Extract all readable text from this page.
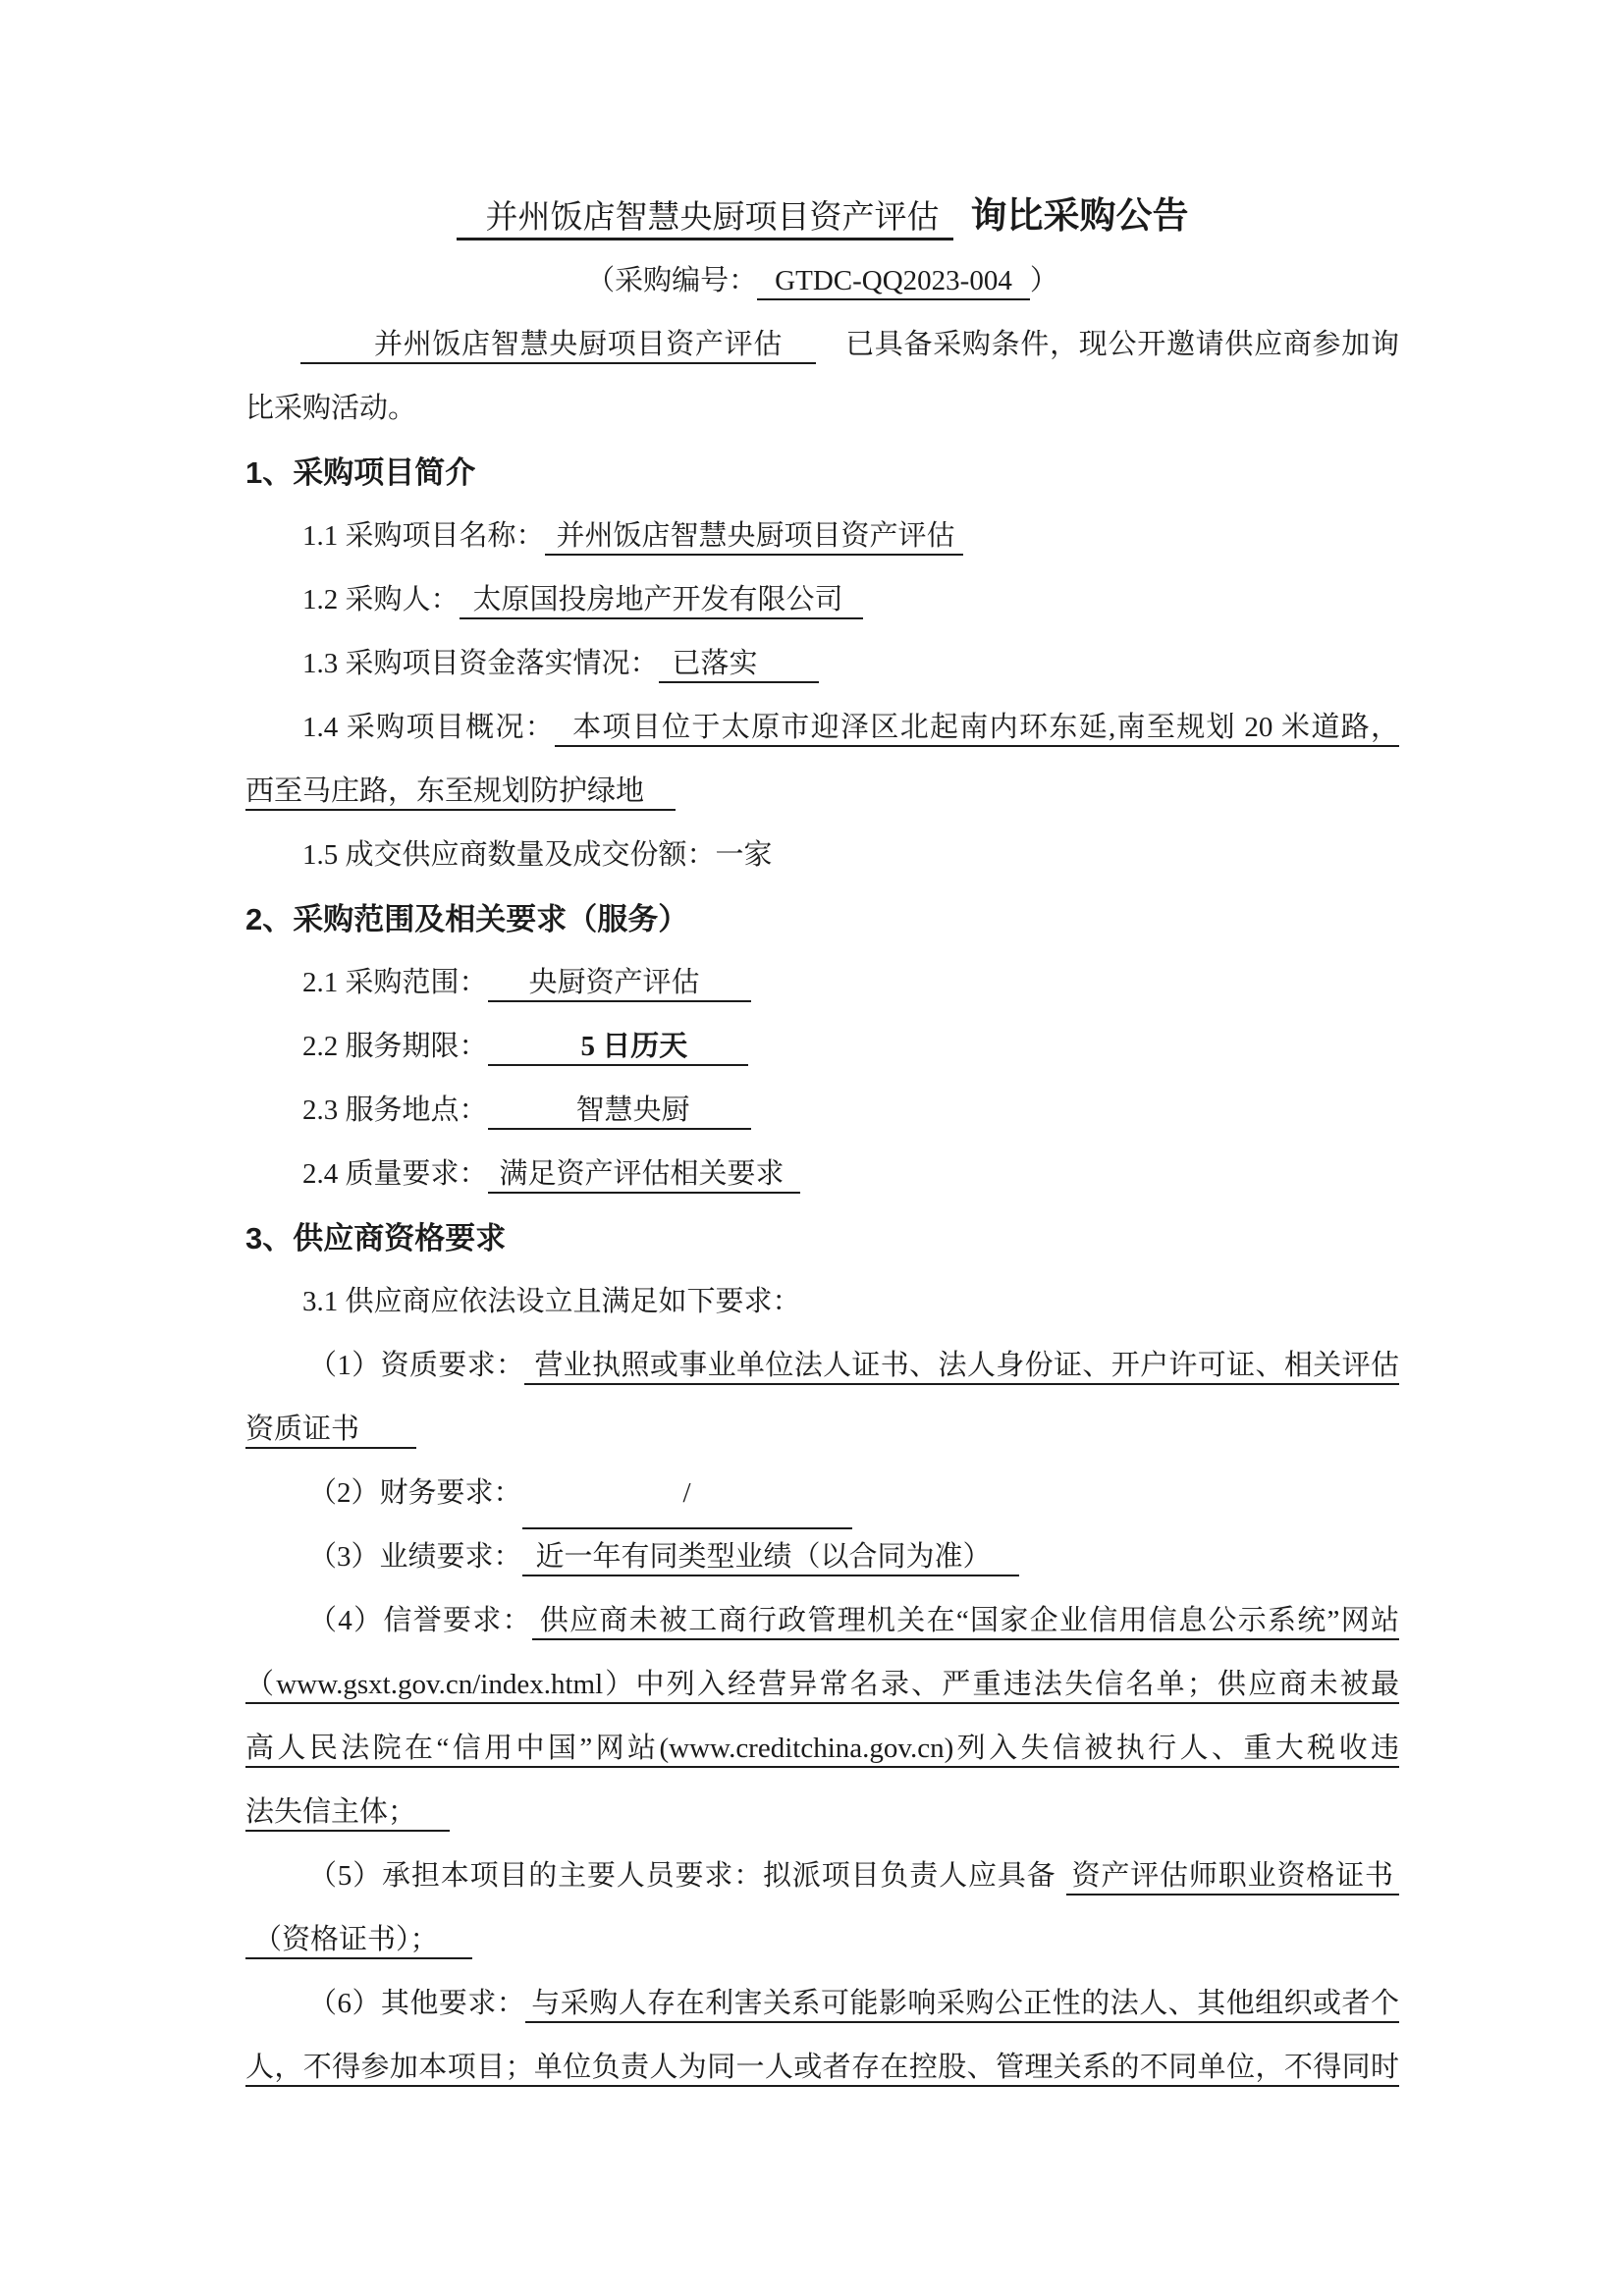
并州饭店智慧央厨项目资产评估 询比采购公告
（采购编号： GTDC-QQ2023-004 ）
并州饭店智慧央厨项目资产评估 已具备采购条件，现公开邀请供应商参加询
比采购活动。
1、采购项目简介
1.1 采购项目名称： 并州饭店智慧央厨项目资产评估
1.2 采购人： 太原国投房地产开发有限公司
1.3 采购项目资金落实情况： 已落实
1.4 采购项目概况： 本项目位于太原市迎泽区北起南内环东延,南至规划 20 米道路，
西至马庄路，东至规划防护绿地
1.5 成交供应商数量及成交份额：一家
2、采购范围及相关要求（服务）
2.1 采购范围： 央厨资产评估
2.2 服务期限：	5 日历天
2.3 服务地点：	智慧央厨
2.4 质量要求： 满足资产评估相关要求
3、供应商资格要求
3.1 供应商应依法设立且满足如下要求：
（1）资质要求： 营业执照或事业单位法人证书、法人身份证、开户许可证、相关评估
资质证书
（2）财务要求：	/
（3）业绩要求： 近一年有同类型业绩（以合同为准）
（4）信誉要求： 供应商未被工商行政管理机关在“国家企业信用信息公示系统”网站
（www.gsxt.gov.cn/index.html）中列入经营异常名录、严重违法失信名单；供应商未被最
高人民法院在“信用中国”网站(www.creditchina.gov.cn)列入失信被执行人、重大税收违
法失信主体；
（5）承担本项目的主要人员要求：拟派项目负责人应具备 资产评估师职业资格证书
（资格证书）；
（6）其他要求： 与采购人存在利害关系可能影响采购公正性的法人、其他组织或者个
人，不得参加本项目；单位负责人为同一人或者存在控股、管理关系的不同单位，不得同时
